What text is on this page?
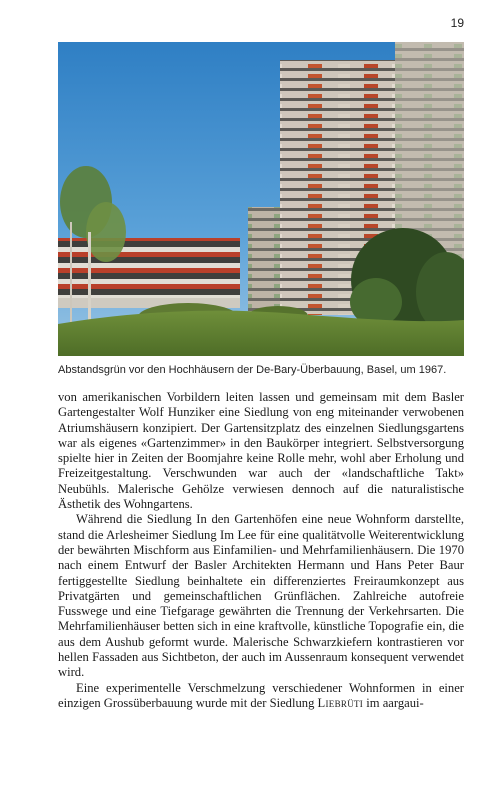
19
Abstandsgrün vor den Hochhäusern der De-Bary-Überbauung, Basel, um 1967.

von amerikanischen Vorbildern leiten lassen und gemeinsam mit dem Basler Gartengestalter Wolf Hunziker eine Siedlung von eng miteinander verwobenen Atriumshäusern konzipiert. Der Gartensitzplatz des einzelnen Siedlungsgartens war als eigenes «Gartenzimmer» in den Baukörper integriert. Selbstversorgung spielte hier in Zeiten der Boomjahre keine Rolle mehr, wohl aber Erholung und Freizeitgestaltung. Verschwunden war auch der «landschaftliche Takt» Neubühls. Malerische Gehölze verwiesen dennoch auf die naturalistische Ästhetik des Wohngartens.

Während die Siedlung In den Gartenhöfen eine neue Wohnform darstellte, stand die Arlesheimer Siedlung Im Lee für eine qualitätvolle Weiterentwicklung der bewährten Mischform aus Einfamilien- und Mehrfamilienhäusern. Die 1970 nach einem Entwurf der Basler Architekten Hermann und Hans Peter Baur fertiggestellte Siedlung beinhaltete ein differenziertes Freiraumkonzept aus Privatgärten und gemeinschaftlichen Grünflächen. Zahlreiche autofreie Fusswege und eine Tiefgarage gewährten die Trennung der Verkehrsarten. Die Mehrfamilienhäuser betten sich in eine kraftvolle, künstliche Topografie ein, die aus dem Aushub geformt wurde. Malerische Schwarzkiefern kontrastieren vor hellen Fassaden aus Sichtbeton, der auch im Aussenraum konsequent verwendet wird.

Eine experimentelle Verschmelzung verschiedener Wohnformen in einer einzigen Grossüberbauung wurde mit der Siedlung Liebrüti im aargaui-
